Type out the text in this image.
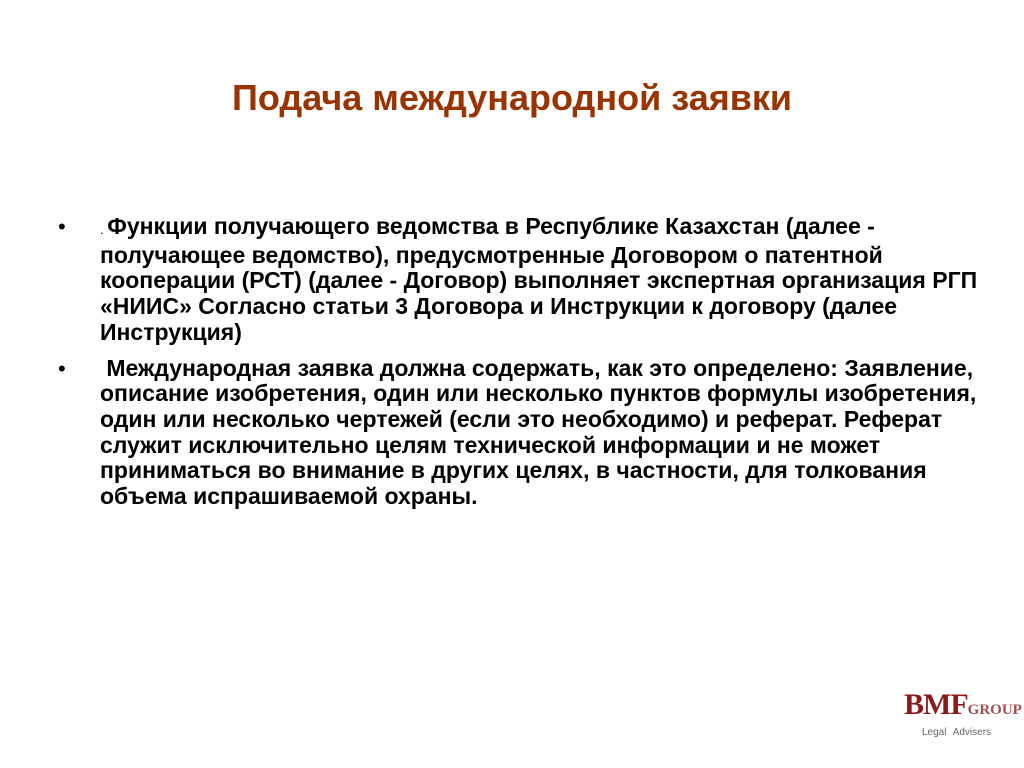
Подача международной заявки
•	. Функции получающего ведомства в Республике Казахстан (далее - получающее ведомство), предусмотренные Договором о патентной кооперации (РСТ) (далее - Договор) выполняет экспертная организация РГП «НИИС» Согласно статьи 3 Договора и Инструкции к договору (далее Инструкция)
• Международная заявка должна содержать, как это определено: Заявление, описание изобретения, один или несколько пунктов формулы изобретения, один или несколько чертежей (если это необходимо) и реферат. Реферат служит исключительно целям технической информации и не может приниматься во внимание в других целях, в частности, для толкования объема испрашиваемой охраны.
BMFGROUP
Legal Advisers
